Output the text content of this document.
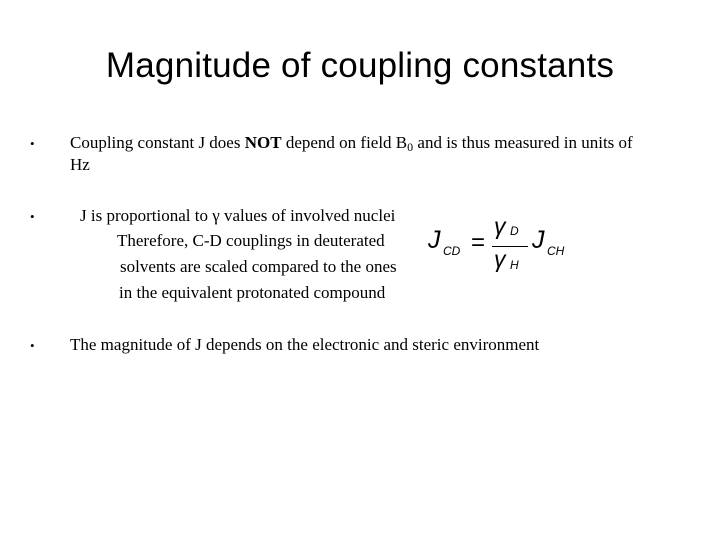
Magnitude of coupling constants
• Coupling constant J does NOT depend on field $B_0$ and is thus measured in units of
Hz
•	J is proportional to γ values of involved nuclei
Therefore, C-D couplings in deuterated
solvents are scaled compared to the ones
in the equivalent protonated compound
J CD =
γ D
γ H
J CH
• The magnitude of J depends on the electronic and steric environment
